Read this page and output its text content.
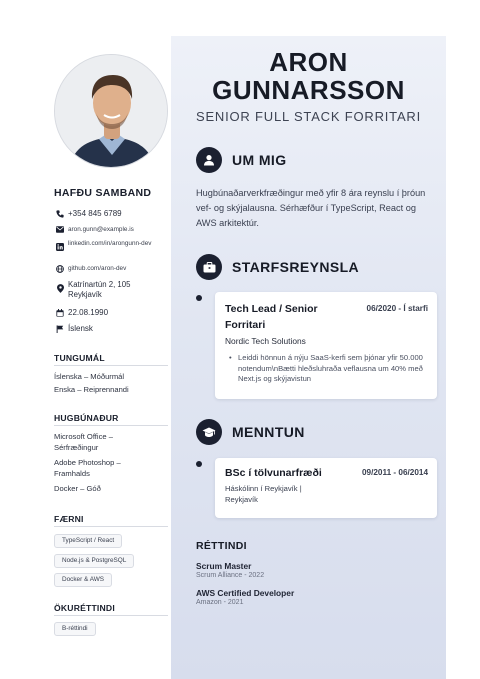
HAFÐU SAMBAND
+354 845 6789
aron.gunn@example.is
linkedin.com/in/arongunn-dev
github.com/aron-dev
Katrínartún 2, 105 Reykjavík
22.08.1990
Íslensk
TUNGUMÁL
Íslenska – Móðurmál
Enska – Reiprennandi
HUGBÚNAÐUR
Microsoft Office – Sérfræðingur
Adobe Photoshop – Framhalds
Docker – Góð
FÆRNI
TypeScript / React
Node.js & PostgreSQL
Docker & AWS
ÖKURÉTTINDI
B-réttindi
ARON
GUNNARSSON
SENIOR FULL STACK FORRITARI
UM MIG
Hugbúnaðarverkfræðingur með yfir 8 ára reynslu í þróun vef- og skýjalausna. Sérhæfður í TypeScript, React og AWS arkitektúr.
STARFSREYNSLA
Tech Lead / Senior
Forritari
06/2020 - Í starfi
Nordic Tech Solutions
• Leiddi hönnun á nýju SaaS-kerfi sem þjónar yfir 50.000 notendum\nBætti hleðsluhraða veflausna um 40% með Next.js og skýjavistun
MENNTUN
BSc í tölvunarfræði	09/2011 - 06/2014
Háskólinn í Reykjavík | Reykjavík
RÉTTINDI
Scrum Master
Scrum Alliance - 2022
AWS Certified Developer
Amazon - 2021
